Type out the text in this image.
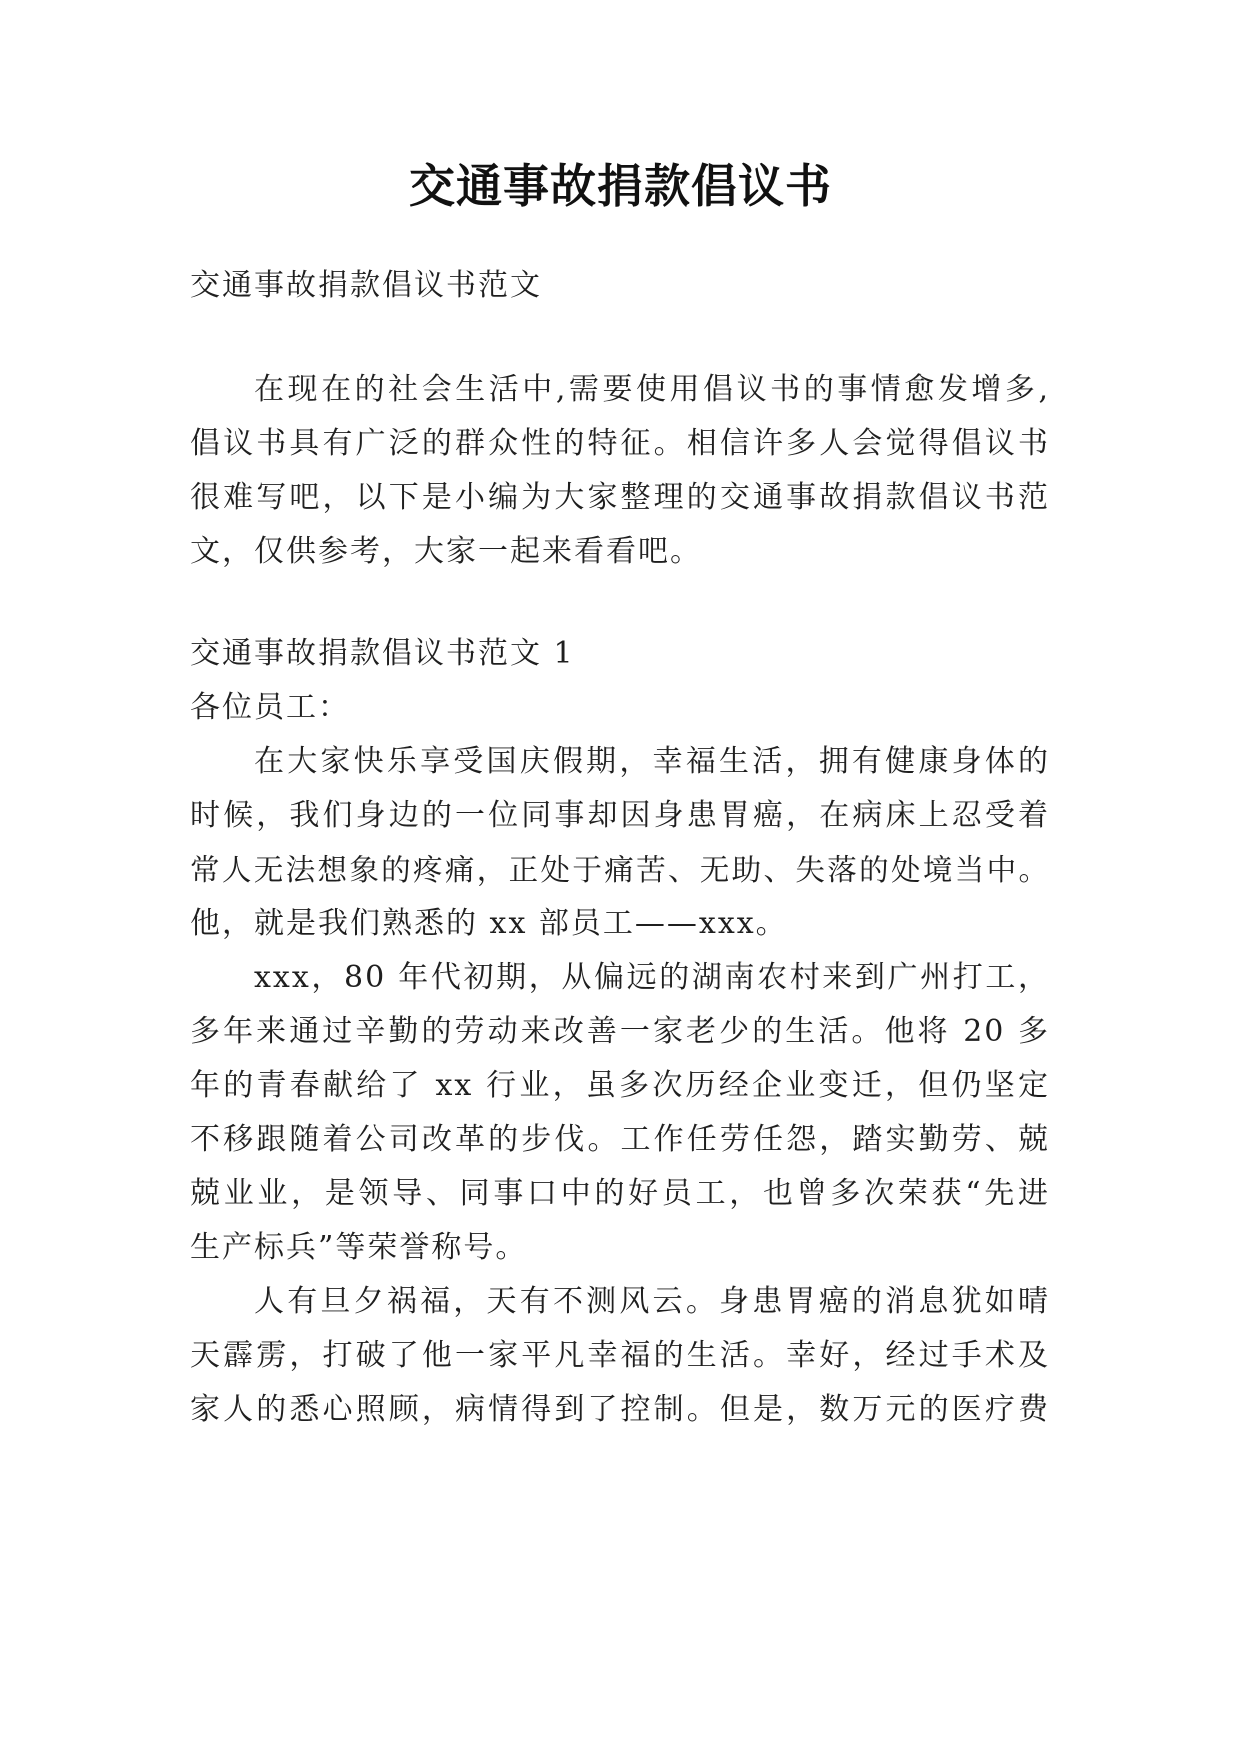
交通事故捐款倡议书
交通事故捐款倡议书范文
在现在的社会生活中,需要使用倡议书的事情愈发增多,
倡议书具有广泛的群众性的特征。相信许多人会觉得倡议书
很难写吧，以下是小编为大家整理的交通事故捐款倡议书范
文，仅供参考，大家一起来看看吧。
交通事故捐款倡议书范文 1
各位员工：
在大家快乐享受国庆假期，幸福生活，拥有健康身体的
时候，我们身边的一位同事却因身患胃癌，在病床上忍受着
常人无法想象的疼痛，正处于痛苦、无助、失落的处境当中。
他，就是我们熟悉的 xx 部员工——xxx。
xxx，80 年代初期，从偏远的湖南农村来到广州打工，
多年来通过辛勤的劳动来改善一家老少的生活。他将 20 多
年的青春献给了 xx 行业，虽多次历经企业变迁，但仍坚定
不移跟随着公司改革的步伐。工作任劳任怨，踏实勤劳、兢
兢业业，是领导、同事口中的好员工，也曾多次荣获“先进
生产标兵”等荣誉称号。
人有旦夕祸福，天有不测风云。身患胃癌的消息犹如晴
天霹雳，打破了他一家平凡幸福的生活。幸好，经过手术及
家人的悉心照顾，病情得到了控制。但是，数万元的医疗费
